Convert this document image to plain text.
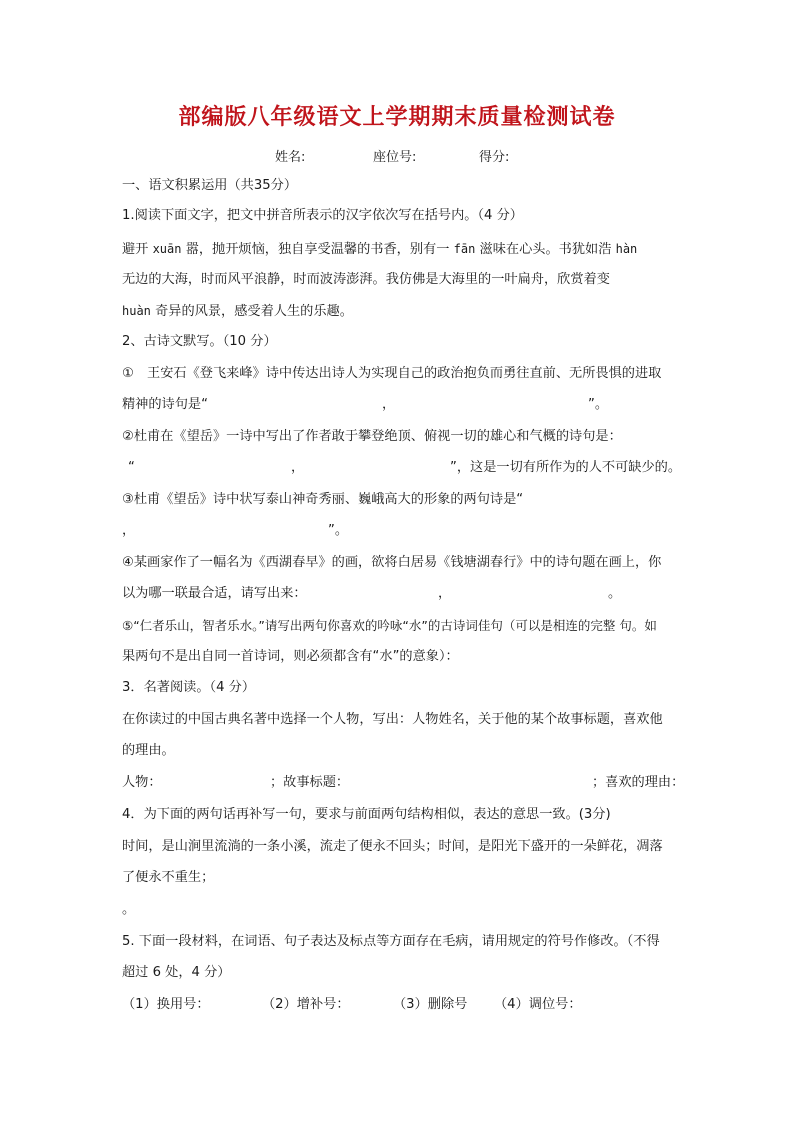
部编版八年级语文上学期期末质量检测试卷
姓名:	座位号:	得分:
一、语文积累运用（共35分）
1.阅读下面文字，把文中拼音所表示的汉字依次写在括号内。（4 分）
避开 xuān 嚣，抛开烦恼，独自享受温馨的书香，别有一 fān 滋味在心头。书犹如浩 hàn
无边的大海，时而风平浪静，时而波涛澎湃。我仿佛是大海里的一叶扁舟，欣赏着变
huàn 奇异的风景，感受着人生的乐趣。
2、古诗文默写。（10 分）
①　王安石《登飞来峰》诗中传达出诗人为实现自己的政治抱负而勇往直前、无所畏惧的进取
精神的诗句是“	，	”。
②杜甫在《望岳》一诗中写出了作者敢于攀登绝顶、俯视一切的雄心和气概的诗句是：
“	，	”，这是一切有所作为的人不可缺少的。
③杜甫《望岳》诗中状写泰山神奇秀丽、巍峨高大的形象的两句诗是“
，	”。
④某画家作了一幅名为《西湖春早》的画，欲将白居易《钱塘湖春行》中的诗句题在画上，你
以为哪一联最合适，请写出来：	，	。
⑤“仁者乐山，智者乐水。”请写出两句你喜欢的吟咏“水”的古诗词佳句（可以是相连的完整 句。如
果两句不是出自同一首诗词，则必须都含有“水”的意象）：
3．名著阅读。（4 分）
在你读过的中国古典名著中选择一个人物，写出：人物姓名，关于他的某个故事标题，喜欢他
的理由。
人物：	；故事标题：	；喜欢的理由：
4．为下面的两句话再补写一句，要求与前面两句结构相似，表达的意思一致。(3分)
时间，是山涧里流淌的一条小溪，流走了便永不回头；时间，是阳光下盛开的一朵鲜花，凋落
了便永不重生；
。
5. 下面一段材料，在词语、句子表达及标点等方面存在毛病，请用规定的符号作修改。（不得
超过 6 处，4 分）
（1）换用号：	（2）增补号：	（3）删除号 （4）调位号：
